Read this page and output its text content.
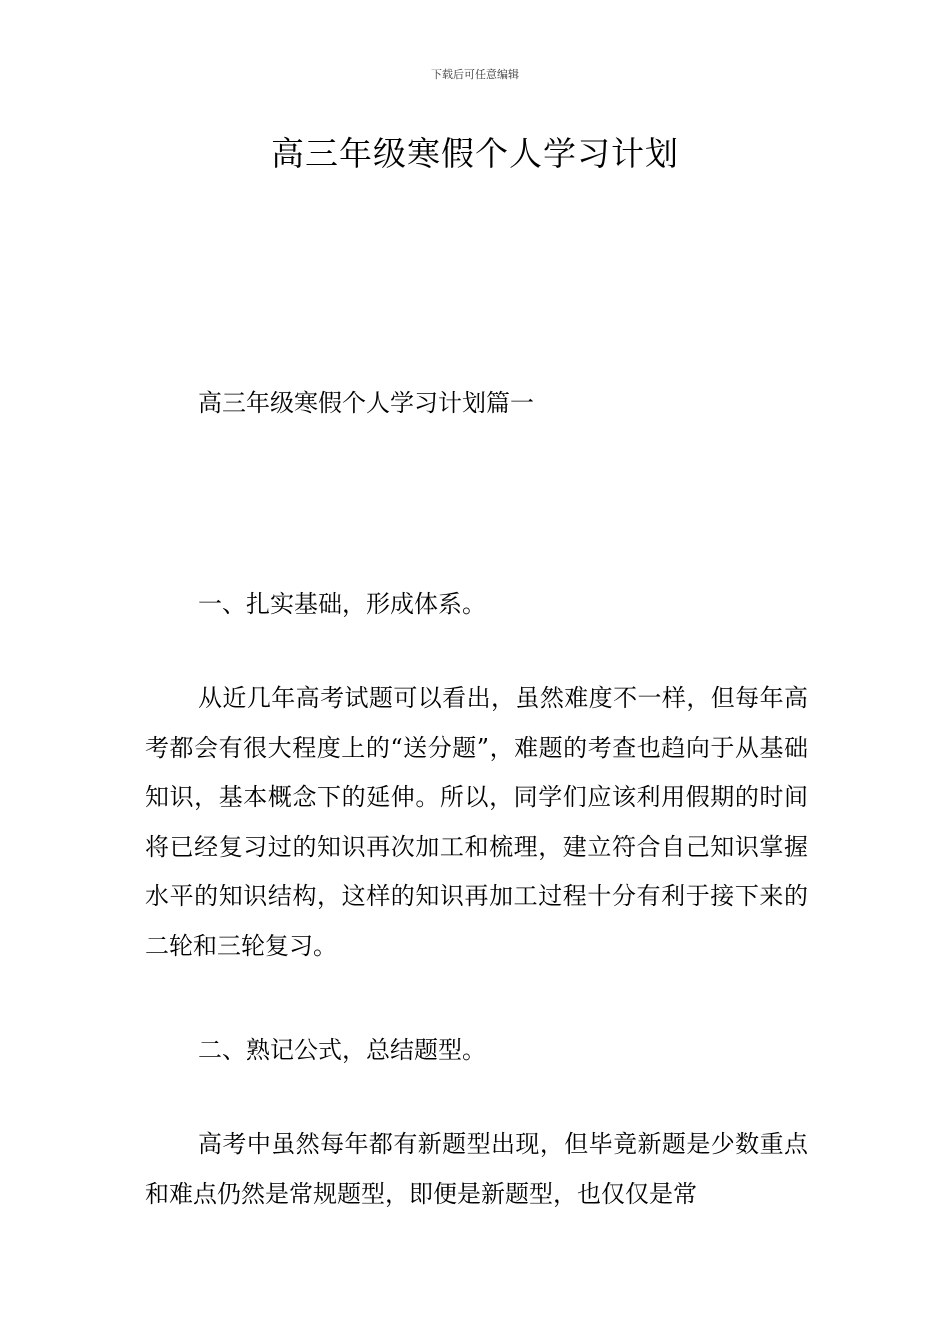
下载后可任意编辑
高三年级寒假个人学习计划
高三年级寒假个人学习计划篇一
一、扎实基础，形成体系。

从近几年高考试题可以看出，虽然难度不一样，但每年高考都会有很大程度上的“送分题”，难题的考查也趋向于从基础知识，基本概念下的延伸。所以，同学们应该利用假期的时间将已经复习过的知识再次加工和梳理，建立符合自己知识掌握水平的知识结构，这样的知识再加工过程十分有利于接下来的二轮和三轮复习。

二、熟记公式，总结题型。

高考中虽然每年都有新题型出现，但毕竟新题是少数重点和难点仍然是常规题型，即便是新题型，也仅仅是常
